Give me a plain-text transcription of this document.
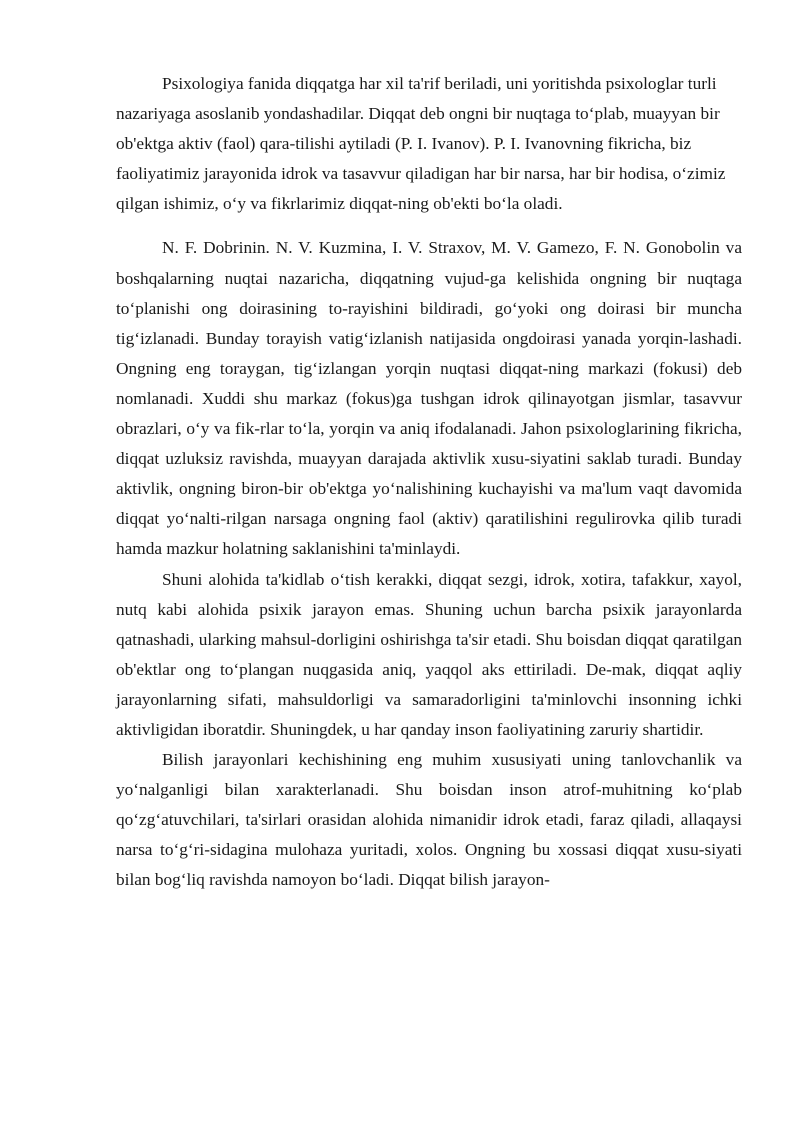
Psixologiya fanida diqqatga har xil ta'rif beriladi, uni yoritishda psixologlar turli nazariyaga asoslanib yondashadilar. Diqqat deb ongni bir nuqtaga to‘plab, muayyan bir ob'ektga aktiv (faol) qara-tilishi aytiladi (P. I. Ivanov). P. I. Ivanovning fikricha, biz faoliyatimiz jarayonida idrok va tasavvur qiladigan har bir narsa, har bir hodisa, o‘zimiz qilgan ishimiz, o‘y va fikrlarimiz diqqat-ning ob'ekti bo‘la oladi.

N. F. Dobrinin. N. V. Kuzmina, I. V. Straxov, M. V. Gamezo, F. N. Gonobolin va boshqalarning nuqtai nazaricha, diqqatning vujud-ga kelishida ongning bir nuqtaga to‘planishi ong doirasining to-rayishini bildiradi, go‘yoki ong doirasi bir muncha tig‘izlanadi. Bunday torayish vatig‘izlanish natijasida ongdoirasi yanada yorqin-lashadi. Ongning eng toraygan, tig‘izlangan yorqin nuqtasi diqqat-ning markazi (fokusi) deb nomlanadi. Xuddi shu markaz (fokus)ga tushgan idrok qilinayotgan jismlar, tasavvur obrazlari, o‘y va fik-rlar to‘la, yorqin va aniq ifodalanadi. Jahon psixologlarining fikricha, diqqat uzluksiz ravishda, muayyan darajada aktivlik xusu-siyatini saklab turadi. Bunday aktivlik, ongning biron-bir ob'ektga yo‘nalishining kuchayishi va ma'lum vaqt davomida diqqat yo‘nalti-rilgan narsaga ongning faol (aktiv) qaratilishini regulirovka qilib turadi hamda mazkur holatning saklanishini ta'minlaydi.

Shuni alohida ta'kidlab o‘tish kerakki, diqqat sezgi, idrok, xotira, tafakkur, xayol, nutq kabi alohida psixik jarayon emas. Shuning uchun barcha psixik jarayonlarda qatnashadi, ularking mahsul-dorligini oshirishga ta'sir etadi. Shu boisdan diqqat qaratilgan ob'ektlar ong to‘plangan nuqgasida aniq, yaqqol aks ettiriladi. De-mak, diqqat aqliy jarayonlarning sifati, mahsuldorligi va samaradorligini ta'minlovchi insonning ichki aktivligidan iboratdir. Shuningdek, u har qanday inson faoliyatining zaruriy shartidir.

Bilish jarayonlari kechishining eng muhim xususiyati uning tanlovchanlik va yo‘nalganligi bilan xarakterlanadi. Shu boisdan inson atrof-muhitning ko‘plab qo‘zg‘atuvchilari, ta'sirlari orasidan alohida nimanidir idrok etadi, faraz qiladi, allaqaysi narsa to‘g‘ri-sidagina mulohaza yuritadi, xolos. Ongning bu xossasi diqqat xusu-siyati bilan bog‘liq ravishda namoyon bo‘ladi. Diqqat bilish jarayon-
